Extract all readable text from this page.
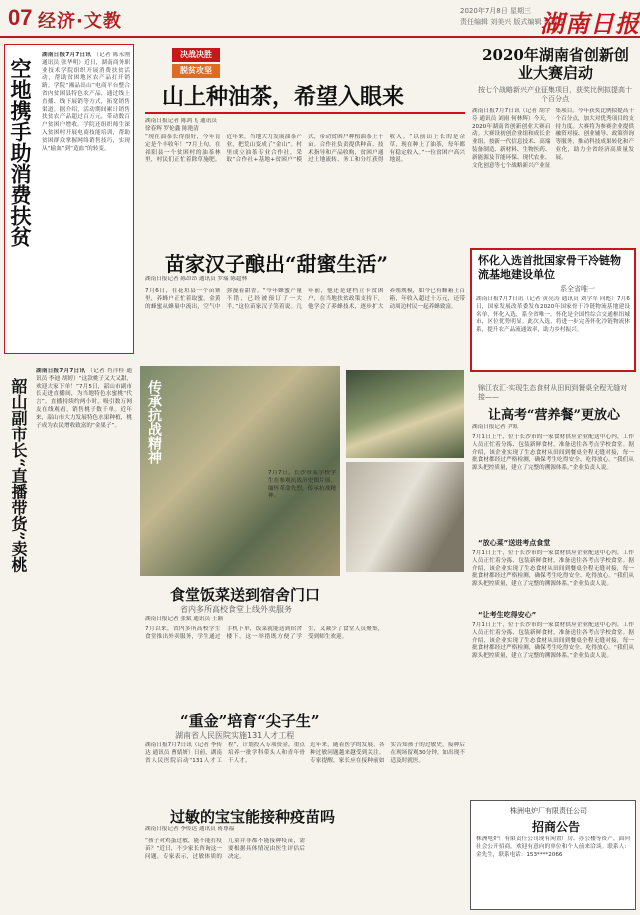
07 经济·文教	2020年7月8日 星期三
责任编辑 刘美兴 版式编辑 许德龙
湖南日报
空地携手助消费扶贫
湖南日报7月7日讯 （记者 陈永刚 通讯员 张华明）近日，湖南商务职业技术学院组织开展消费扶贫活动，帮助贫困地区农产品打开销路。学院“湘品出山”电商平台整合省内贫困县特色农产品，通过线上直播、线下展销等方式，拓宽销售渠道。据介绍，活动期间累计销售扶贫农产品超过百万元，带动数百户贫困户增收。学院还组织师生深入贫困村开展电商技能培训，帮助贫困群众掌握网络销售技巧，实现从“输血”到“造血”的转变。
韶山副市长“直播带货”卖桃
湖南日报7月7日讯 （记者 肖洋桂 通讯员 李迪 胡婷）“这款桃子又大又甜，欢迎大家下单！”7月5日，韶山市副市长走进直播间，为当地特色水蜜桃“代言”。直播持续约两小时，吸引数万网友在线观看，销售桃子数千单。近年来，韶山市大力发展特色水果种植，桃子成为农民增收致富的“金果子”。
决战决胜
脱贫攻坚
山上种油茶，希望入眼来
湖南日报记者 陈鸿飞 通讯员 徐春辉 罗伦鑫 陈艳清
“现在油茶长得很好，今年肯定是个丰收年！”7月上旬，在祁阳县一个贫困村的油茶林里，村民们正忙着除草施肥。近年来，当地大力发展油茶产业，把荒山变成了“金山”。村里成立油茶专业合作社，采取“合作社+基地+贫困户”模式，带动贫困户种植油茶上千亩。合作社负责提供种苗、技术指导和产品收购，贫困户通过土地流转、务工和分红获得收入。“以前山上长的是杂草，现在种上了油茶，每年都有稳定收入。”一位贫困户高兴地说。
苗家汉子酿出“甜蜜生活”
湖南日报记者 陈昂昂 通讯员 罗瑞 陈超林
7月6日，在花垣县一个苗寨里，养蜂户正忙着取蜜。金黄的蜂蜜从蜂巢中流出，空气中弥漫着甜香。“今年蜂蜜产量不错，已经被预订了一大半。”这位苗家汉子笑着说。几年前，他还是建档立卡贫困户，在当地扶贫政策支持下，他学会了养蜂技术，逐步扩大养殖规模，如今已有蜂箱上百箱，年收入超过十万元，还带动周边村民一起养蜂致富。
2020年湖南省创新创业大赛启动
按七个战略新兴产业征集项目，获奖比例拟提高十个百分点
湖南日报7月7日讯（记者 胡宇芬 通讯员 刘雨 何林辉）今天，2020年湖南省创新创业大赛启动。大赛设初创企业组和成长企业组，按新一代信息技术、高端装备制造、新材料、生物医药、新能源及节能环保、现代农业、文化创意等七个战略新兴产业征集项目。今年获奖比例拟提高十个百分点，加大对优秀项目的支持力度。大赛将为参赛企业提供融资对接、创业辅导、政策咨询等服务，推动科技成果转化和产业化，助力全省经济高质量发展。
怀化入选首批国家骨干冷链物流基地建设单位
系全省唯一
湖南日报7月7日讯（记者 黄亮涛 通讯员 刘学军 向彪）7月6日，国家发展改革委发布2020年国家骨干冷链物流基地建设名单，怀化入选，系全省唯一。怀化是全国性综合交通枢纽城市，区位优势明显。此次入选，将进一步完善怀化冷链物流体系，提升农产品流通效率，助力乡村振兴。
锦江农汇·实现生态食材从田间到餐桌全程无缝对接——
让高考“营养餐”更放心
湖南日报记者 尹虹
7月1日上午，位于长沙市的一家食材供应企业配送中心内，工作人员正忙着分拣、包装新鲜食材，准备送往各考点学校食堂。据介绍，该企业实现了生态食材从田间到餐桌全程无缝对接，每一批食材都经过严格检测，确保考生吃得安全、吃得放心。“我们从源头把控质量，建立了完整的溯源体系。”企业负责人说。
“放心菜”送进考点食堂
7月1日上午，位于长沙市的一家食材供应企业配送中心内，工作人员正忙着分拣、包装新鲜食材，准备送往各考点学校食堂。据介绍，该企业实现了生态食材从田间到餐桌全程无缝对接，每一批食材都经过严格检测，确保考生吃得安全、吃得放心。“我们从源头把控质量，建立了完整的溯源体系。”企业负责人说。
“让考生吃得安心”
7月1日上午，位于长沙市的一家食材供应企业配送中心内，工作人员正忙着分拣、包装新鲜食材，准备送往各考点学校食堂。据介绍，该企业实现了生态食材从田间到餐桌全程无缝对接，每一批食材都经过严格检测，确保考生吃得安全、吃得放心。“我们从源头把控质量，建立了完整的溯源体系。”企业负责人说。
株洲电炉厂有限责任公司
招商公告
株洲电炉厂有限责任公司现有闲置厂房、办公楼等资产，面向社会公开招商。欢迎有意向的单位和个人前来洽谈。联系人：金先生，联系电话：153****2066
传承抗战精神
7月7日，长沙市某学校学生在参观抗战历史图片展，缅怀革命先烈，传承抗战精神。
食堂饭菜送到宿舍门口
省内多所高校食堂上线外卖服务
湖南日报记者 张斌 通讯员 王颖
7月以来，省内多所高校学生食堂推出外卖服务，学生通过手机下单，饭菜就能送到宿舍楼下。这一举措既方便了学生，又减少了食堂人员聚集，受到师生欢迎。
“重金”培育“尖子生”
湖南省人民医院实施131人才工程
湖南日报7月7日讯（记者 李传达 通讯员 曹婧妍）日前，湖南省人民医院启动“131人才工程”，计划投入专项资金，重点培养一批学科带头人和青年骨干人才。
过敏的宝宝能接种疫苗吗
湖南日报记者 李传达 通讯员 蒋尊福
“孩子对鸡蛋过敏，能不能打疫苗？”近日，不少家长咨询这一问题。专家表示，过敏体质的儿童并非都不能接种疫苗，需要根据具体情况由医生评估后决定。
近年来，随着医学的发展，各种过敏问题越来越受到关注。专家提醒，家长应在接种前如实告知孩子的过敏史，接种后在现场留观30分钟，如出现不适及时就医。
